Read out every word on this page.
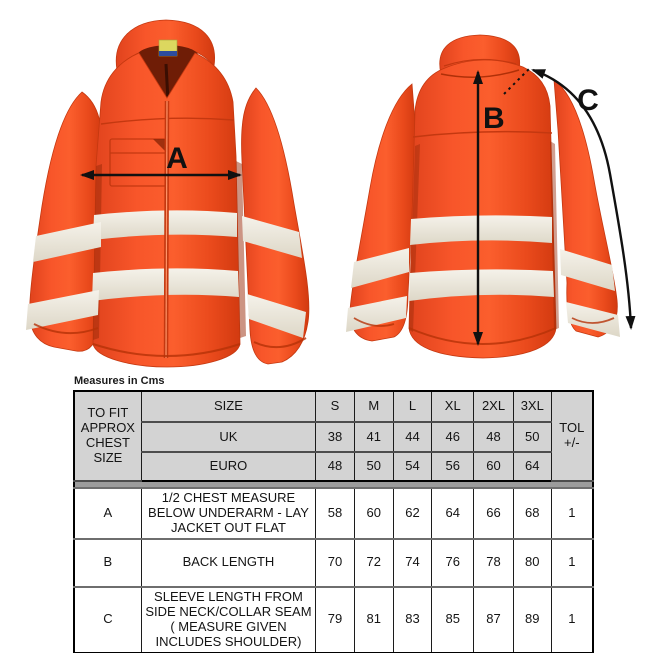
A
B
C
Measures in Cms
TO FIT APPROX CHEST SIZE	SIZE	S	M	L	XL	2XL	3XL	TOL +/-
	UK	38	41	44	46	48	50	
	EURO	48	50	54	56	60	64	
A	1/2 CHEST MEASURE BELOW UNDERARM - LAY JACKET OUT FLAT	58	60	62	64	66	68	1
B	BACK LENGTH	70	72	74	76	78	80	1
C	SLEEVE LENGTH FROM SIDE NECK/COLLAR SEAM ( MEASURE GIVEN INCLUDES SHOULDER)	79	81	83	85	87	89	1
